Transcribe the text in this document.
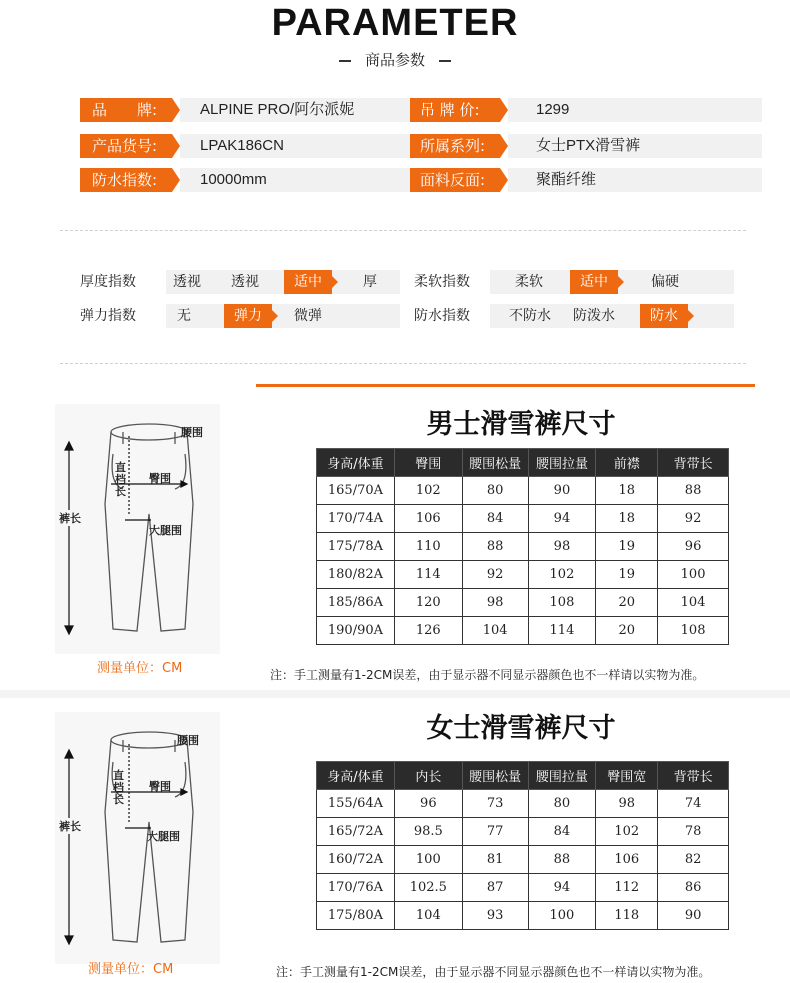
PARAMETER
商品参数
品　　牌:	ALPINE PRO/阿尔派妮	吊 牌 价:	1299
产品货号:	LPAK186CN	所属系列:	女士PTX滑雪裤
防水指数:	10000mm	面料反面:	聚酯纤维
厚度指数	透视	透视	适中	厚	柔软指数	柔软	适中	偏硬
弹力指数	无	弹力	微弹	防水指数	不防水	防泼水	防水
腰围
直档长
臀围
裤长
大腿围
测量单位：CM
男士滑雪裤尺寸
身高/体重	臀围	腰围松量	腰围拉量	前襟	背带长
165/70A	102	80	90	18	88
170/74A	106	84	94	18	92
175/78A	110	88	98	19	96
180/82A	114	92	102	19	100
185/86A	120	98	108	20	104
190/90A	126	104	114	20	108
注：手工测量有1-2CM误差，由于显示器不同显示器颜色也不一样请以实物为准。
腰围
直档长
臀围
裤长
大腿围
测量单位：CM
女士滑雪裤尺寸
身高/体重	内长	腰围松量	腰围拉量	臀围宽	背带长
155/64A	96	73	80	98	74
165/72A	98.5	77	84	102	78
160/72A	100	81	88	106	82
170/76A	102.5	87	94	112	86
175/80A	104	93	100	118	90
注：手工测量有1-2CM误差，由于显示器不同显示器颜色也不一样请以实物为准。
